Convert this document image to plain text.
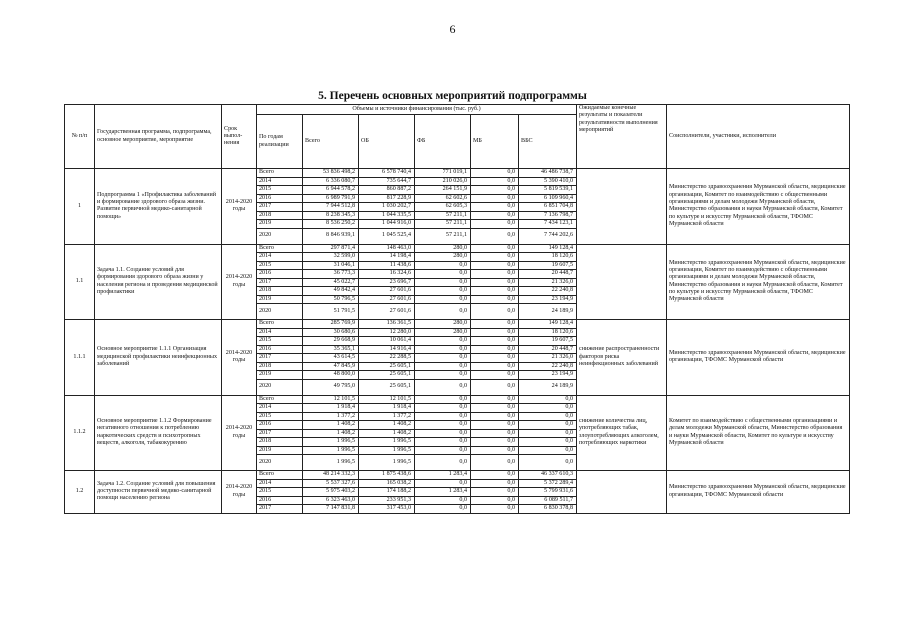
6
5. Перечень основных мероприятий подпрограммы
№ п/п	Государственная программа, подпрограмма, основное мероприятие, мероприятие	Срок выпол-нения	Объемы и источники финансирования (тыс. руб.)						Ожидаемые конечные результаты и показатели результативности выполнения мероприятий	Соисполнители, участники, исполнители
			По годам реализации	Всего	ОБ	ФБ	МБ	ВБС		
1	Подпрограмма 1 «Профилактика заболеваний и формирование здорового образа жизни. Развитие первичной медико-санитарной помощи»	2014-2020 годы	Всего	53 836 498,2	6 578 740,4	771 019,1	0,0	46 486 738,7		Министерство здравоохранения Мурманской области, медицинские организации, Комитет по взаимодействию с общественными организациями и делам молодежи Мурманской области, Министерство образования и науки Мурманской области, Комитет по культуре и искусству Мурманской области, ТФОМС Мурманской области
			2014	6 336 080,7	735 644,7	210 026,0	0,0	5 390 410,0		
			2015	6 944 578,2	860 887,2	264 151,9	0,0	5 819 539,1		
			2016	6 989 791,9	817 228,9	62 602,6	0,0	6 109 960,4		
			2017	7 944 512,8	1 030 202,7	62 605,3	0,0	6 851 704,8		
			2018	8 238 345,3	1 044 335,5	57 211,1	0,0	7 136 798,7		
			2019	8 536 250,2	1 044 916,0	57 211,1	0,0	7 434 123,1		
			2020	8 846 939,1	1 045 525,4	57 211,1	0,0	7 744 202,6		
1.1	Задача 1.1. Создание условий для формирования здорового образа жизни у населения региона и проведения медицинской профилактики	2014-2020 годы	Всего	297 871,4	148 463,0	280,0	0,0	149 128,4		Министерство здравоохранения Мурманской области, медицинские организации, Комитет по взаимодействию с общественными организациями и делам молодежи Мурманской области, Министерство образования и науки Мурманской области, Комитет по культуре и искусству Мурманской области, ТФОМС Мурманской области
			2014	32 599,0	14 198,4	280,0	0,0	18 120,6		
			2015	31 046,1	11 438,6	0,0	0,0	19 607,5		
			2016	36 773,3	16 324,6	0,0	0,0	20 448,7		
			2017	45 022,7	23 696,7	0,0	0,0	21 326,0		
			2018	49 842,4	27 601,6	0,0	0,0	22 240,8		
			2019	50 796,5	27 601,6	0,0	0,0	23 194,9		
			2020	51 791,5	27 601,6	0,0	0,0	24 189,9		
1.1.1	Основное мероприятие 1.1.1 Организация медицинской профилактики неинфекционных заболеваний	2014-2020 годы	Всего	285 769,9	136 361,5	280,0	0,0	149 128,4	снижение распространенности факторов риска неинфекционных заболеваний	Министерство здравоохранения Мурманской области, медицинские организации, ТФОМС Мурманской области
			2014	30 680,6	12 280,0	280,0	0,0	18 120,6		
			2015	29 668,9	10 061,4	0,0	0,0	19 607,5		
			2016	35 365,1	14 916,4	0,0	0,0	20 448,7		
			2017	43 614,5	22 288,5	0,0	0,0	21 326,0		
			2018	47 845,9	25 605,1	0,0	0,0	22 240,8		
			2019	48 800,0	25 605,1	0,0	0,0	23 194,9		
			2020	49 795,0	25 605,1	0,0	0,0	24 189,9		
1.1.2	Основное мероприятие 1.1.2 Формирование негативного отношения к потреблению наркотических средств и психотропных веществ, алкоголя, табакокурению	2014-2020 годы	Всего	12 101,5	12 101,5	0,0	0,0	0,0	снижение количества лиц, употребляющих табак, злоупотребляющих алкоголем, потребляющих наркотики	Комитет по взаимодействию с общественными организациями и делам молодежи Мурманской области, Министерство образования и науки Мурманской области, Комитет по культуре и искусству Мурманской области
			2014	1 918,4	1 918,4	0,0	0,0	0,0		
			2015	1 377,2	1 377,2	0,0	0,0	0,0		
			2016	1 408,2	1 408,2	0,0	0,0	0,0		
			2017	1 408,2	1 408,2	0,0	0,0	0,0		
			2018	1 996,5	1 996,5	0,0	0,0	0,0		
			2019	1 996,5	1 996,5	0,0	0,0	0,0		
			2020	1 996,5	1 996,5	0,0	0,0	0,0		
1.2	Задача 1.2. Создание условий для повышения доступности первичной медико-санитарной помощи населению региона	2014-2020 годы	Всего	48 214 332,3	1 875 438,6	1 283,4	0,0	46 337 610,3		Министерство здравоохранения Мурманской области, медицинские организации, ТФОМС Мурманской области
			2014	5 537 327,6	165 038,2	0,0	0,0	5 372 289,4		
			2015	5 975 403,2	174 188,2	1 283,4	0,0	5 799 931,6		
			2016	6 323 463,0	233 951,3	0,0	0,0	6 089 511,7		
			2017	7 147 831,8	317 453,0	0,0	0,0	6 830 378,8		
